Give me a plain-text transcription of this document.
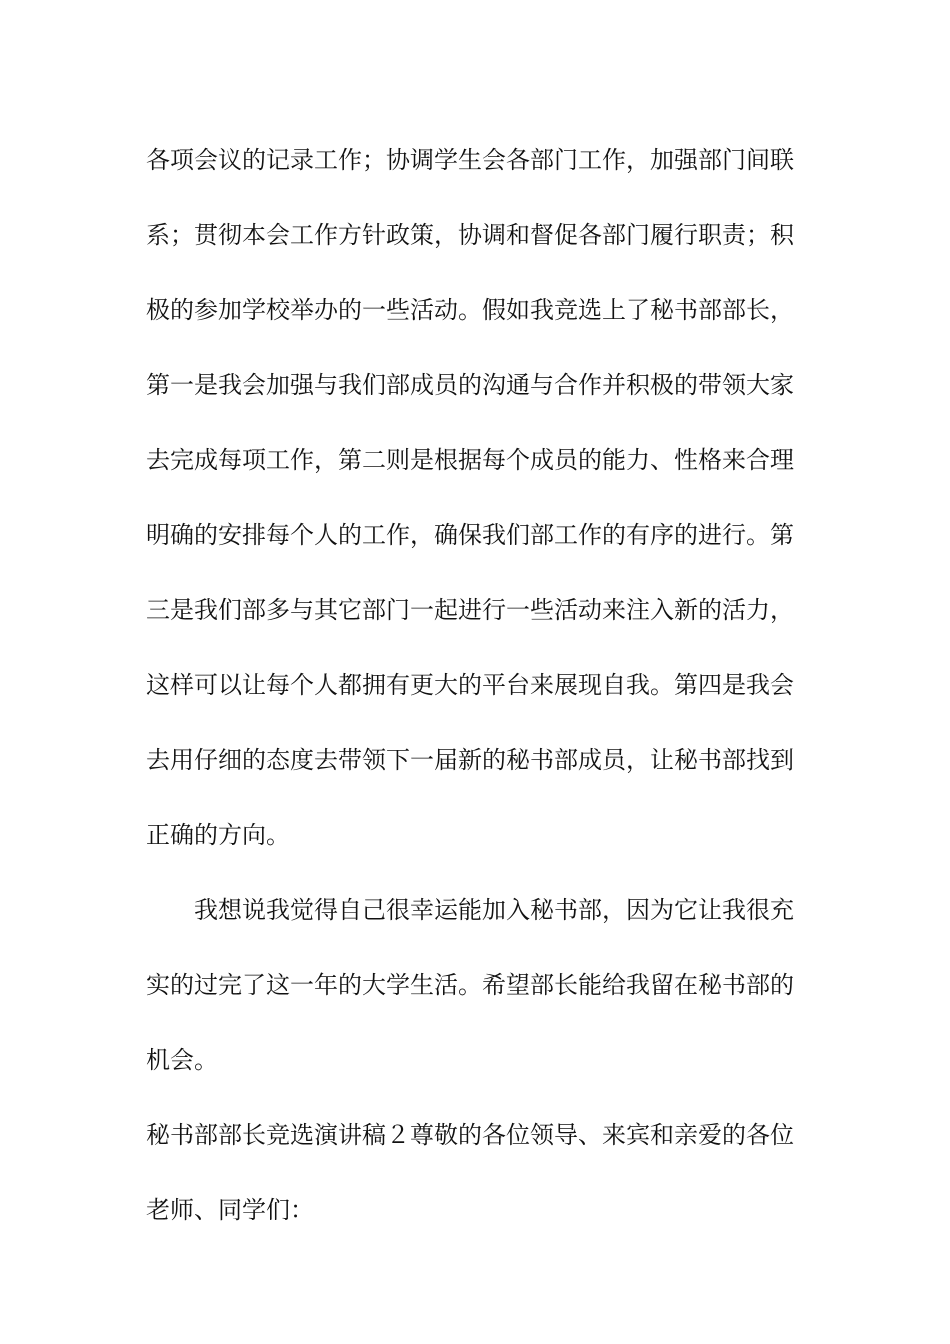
各项会议的记录工作；协调学生会各部门工作，加强部门间联
系；贯彻本会工作方针政策，协调和督促各部门履行职责；积
极的参加学校举办的一些活动。假如我竞选上了秘书部部长，
第一是我会加强与我们部成员的沟通与合作并积极的带领大家
去完成每项工作，第二则是根据每个成员的能力、性格来合理
明确的安排每个人的工作，确保我们部工作的有序的进行。第
三是我们部多与其它部门一起进行一些活动来注入新的活力，
这样可以让每个人都拥有更大的平台来展现自我。第四是我会
去用仔细的态度去带领下一届新的秘书部成员，让秘书部找到
正确的方向。
　　我想说我觉得自己很幸运能加入秘书部，因为它让我很充
实的过完了这一年的大学生活。希望部长能给我留在秘书部的
机会。
秘书部部长竞选演讲稿２尊敬的各位领导、来宾和亲爱的各位
老师、同学们：
